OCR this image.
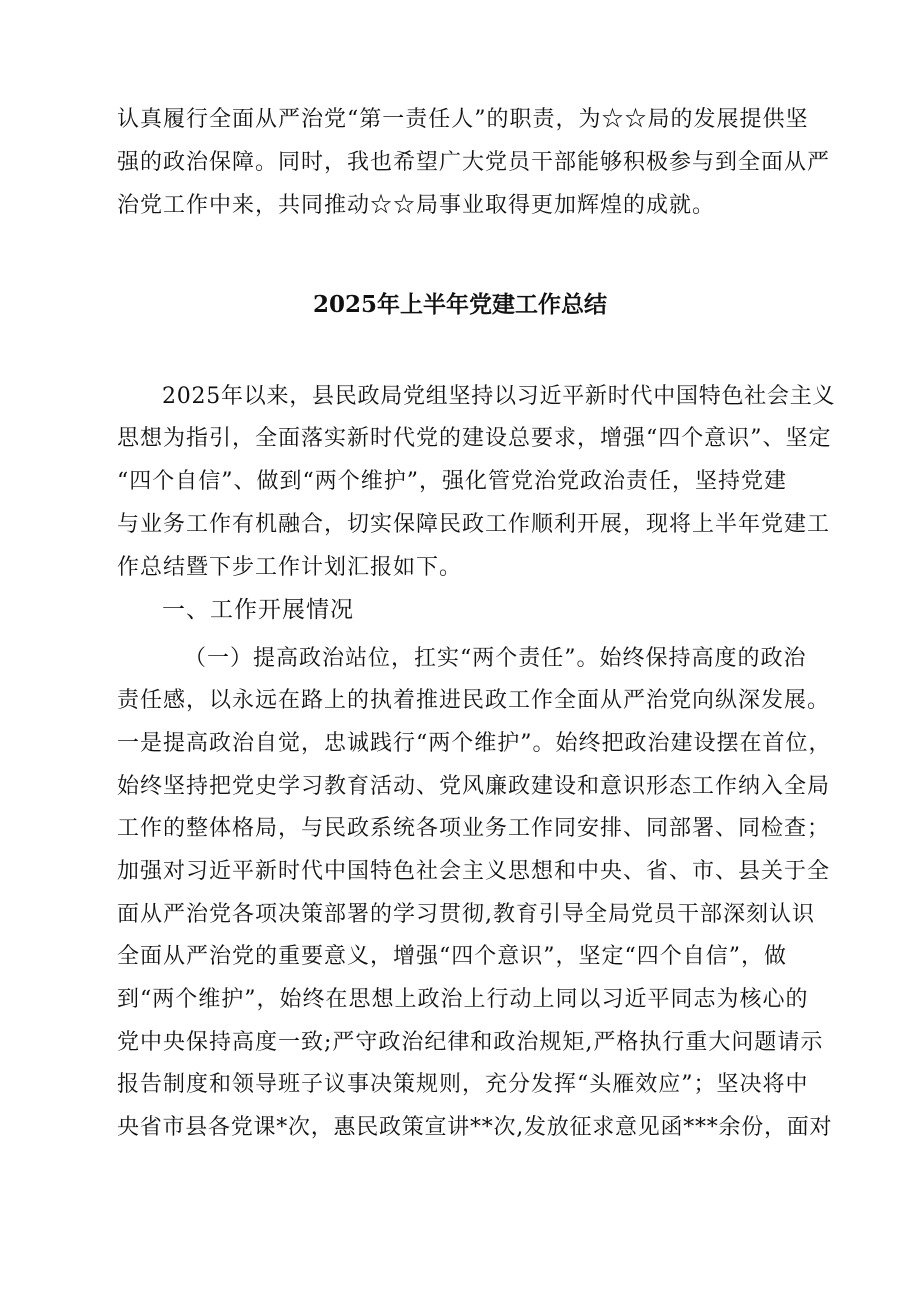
认真履行全面从严治党“第一责任人”的职责，为☆☆局的发展提供坚
强的政治保障。同时，我也希望广大党员干部能够积极参与到全面从严
治党工作中来，共同推动☆☆局事业取得更加辉煌的成就。
2025年上半年党建工作总结
2025年以来，县民政局党组坚持以习近平新时代中国特色社会主义
思想为指引，全面落实新时代党的建设总要求，增强“四个意识”、坚定
“四个自信”、做到“两个维护”，强化管党治党政治责任，坚持党建
与业务工作有机融合，切实保障民政工作顺利开展，现将上半年党建工
作总结暨下步工作计划汇报如下。
一、工作开展情况
（一）提高政治站位，扛实“两个责任”。始终保持高度的政治
责任感，以永远在路上的执着推进民政工作全面从严治党向纵深发展。
一是提高政治自觉，忠诚践行“两个维护”。始终把政治建设摆在首位，
始终坚持把党史学习教育活动、党风廉政建设和意识形态工作纳入全局
工作的整体格局，与民政系统各项业务工作同安排、同部署、同检查；
加强对习近平新时代中国特色社会主义思想和中央、省、市、县关于全
面从严治党各项决策部署的学习贯彻,教育引导全局党员干部深刻认识
全面从严治党的重要意义，增强“四个意识”，坚定“四个自信”，做
到“两个维护”，始终在思想上政治上行动上同以习近平同志为核心的
党中央保持高度一致;严守政治纪律和政治规矩,严格执行重大问题请示
报告制度和领导班子议事决策规则，充分发挥“头雁效应”；坚决将中
央省市县各党课*次，惠民政策宣讲**次,发放征求意见函***余份，面对
